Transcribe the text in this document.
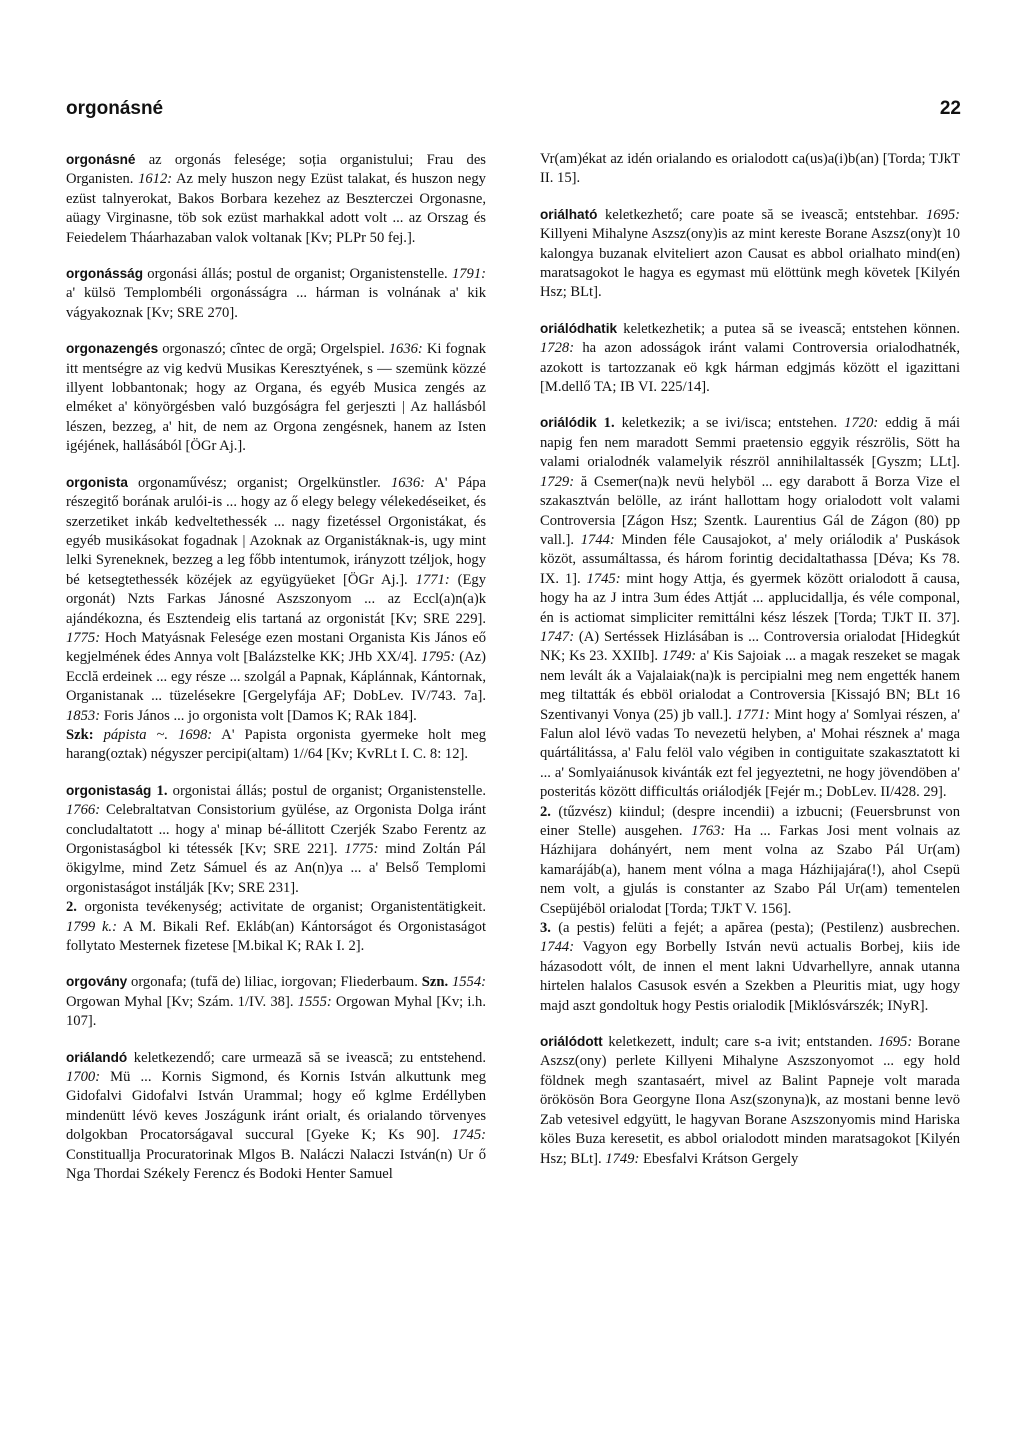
orgonásné	22

orgonásné az orgonás felesége; soția organistului; Frau des Organisten. 1612: Az mely huszon negy Ezüst talakat, és huszon negy ezüst talnyerokat, Bakos Borbara kezehez az Beszterczei Orgonasne, aüagy Virginasne, töb sok ezüst marhakkal adott volt ... az Orszag és Feiedelem Tháarhazaban valok voltanak [Kv; PLPr 50 fej.].

orgonásság orgonási állás; postul de organist; Organistenstelle. 1791: a' külsö Templombéli orgonásságra ... hárman is volnának a' kik vágyakoznak [Kv; SRE 270].

orgonazengés orgonaszó; cîntec de orgă; Orgelspiel. 1636: Ki fognak itt mentségre az vig kedvü Musikas Keresztyének, s — szemünk közzé illyent lobbantonak; hogy az Organa, és egyéb Musica zengés az elméket a' könyörgésben való buzgóságra fel gerjeszti | Az hallásból lészen, bezzeg, a' hit, de nem az Orgona zengésnek, hanem az Isten igéjének, hallásából [ÖGr Aj.].

orgonista orgonaművész; organist; Orgelkünstler. 1636: A' Pápa részegitő borának arulói-is ... hogy az ő elegy belegy vélekedéseiket, és szerzetiket inkáb kedveltethessék ... nagy fizetéssel Orgonistákat, és egyéb musikásokat fogadnak | Azoknak az Organistáknak-is, ugy mint lelki Syreneknek, bezzeg a leg főbb intentumok, irányzott tzéljok, hogy bé ketsegtethessék közéjek az együgyüeket [ÖGr Aj.]. 1771: (Egy orgonát) Nzts Farkas Jánosné Aszszonyom ... az Eccl(a)n(a)k ajándékozna, és Esztendeig elis tartaná az orgonistát [Kv; SRE 229]. 1775: Hoch Matyásnak Felesége ezen mostani Organista Kis János eő kegjelmének édes Annya volt [Balázstelke KK; JHb XX/4]. 1795: (Az) Ecclă erdeinek ... egy része ... szolgál a Papnak, Káplánnak, Kántornak, Organistanak ... tüzelésekre [Gergelyfája AF; DobLev. IV/743. 7a]. 1853: Foris János ... jo orgonista volt [Damos K; RAk 184].

Szk: pápista ~. 1698: A' Papista orgonista gyermeke holt meg harang(oztak) négyszer percipi(altam) 1//64 [Kv; KvRLt I. C. 8: 12].

orgonistaság 1. orgonistai állás; postul de organist; Organistenstelle. 1766: Celebraltatvan Consistorium gyülése, az Orgonista Dolga iránt concludaltatott ... hogy a' minap bé-állitott Czerjék Szabo Ferentz az Orgonistaságbol ki tétessék [Kv; SRE 221]. 1775: mind Zoltán Pál ökigylme, mind Zetz Sámuel és az An(n)ya ... a' Belső Templomi orgonistaságot instálják [Kv; SRE 231].

2. orgonista tevékenység; activitate de organist; Organistentätigkeit. 1799 k.: A M. Bikali Ref. Ekláb(an) Kántorságot és Orgonistaságot follytato Mesternek fizetese [M.bikal K; RAk I. 2].

orgovány orgonafa; (tufă de) liliac, iorgovan; Fliederbaum. Szn. 1554: Orgowan Myhal [Kv; Szám. 1/IV. 38]. 1555: Orgowan Myhal [Kv; i.h. 107].

oriálandó keletkezendő; care urmează să se ivească; zu entstehend. 1700: Mü ... Kornis Sigmond, és Kornis István alkuttunk meg Gidofalvi Gidofalvi István Urammal; hogy eő kglme Erdéllyben mindenütt lévö keves Joszágunk iránt orialt, és orialando törvenyes dolgokban Procatorságaval succural [Gyeke K; Ks 90]. 1745: Constituallja Procuratorinak Mlgos B. Naláczi Nalaczi István(n) Ur ő Nga Thordai Székely Ferencz és Bodoki Henter Samuel

Vr(am)ékat az idén orialando es orialodott ca(us)a(i)b(an) [Torda; TJkT II. 15].

oriálható keletkezhető; care poate să se ivească; entstehbar. 1695: Killyeni Mihalyne Aszsz(ony)is az mint kereste Borane Aszsz(ony)t 10 kalongya buzanak elviteliert azon Causat es abbol orialhato mind(en) maratsagokot le hagya es egymast mü elöttünk megh követek [Kilyén Hsz; BLt].

oriálódhatik keletkezhetik; a putea să se ivească; entstehen können. 1728: ha azon adosságok iránt valami Controversia orialodhatnék, azokott is tartozzanak eö kgk hárman edgjmás között el igazittani [M.dellő TA; IB VI. 225/14].

oriálódik 1. keletkezik; a se ivi/isca; entstehen. 1720: eddig ă mái napig fen nem maradott Semmi praetensio eggyik részrölis, Sött ha valami orialodnék valamelyik részröl annihilaltassék [Gyszm; LLt]. 1729: ă Csemer(na)k nevü helyböl ... egy darabott ă Borza Vize el szakasztván belölle, az iránt hallottam hogy orialodott volt valami Controversia [Zágon Hsz; Szentk. Laurentius Gál de Zágon (80) pp vall.]. 1744: Minden féle Causajokot, a' mely oriálodik a' Puskások közöt, assumáltassa, és három forintig decidaltathassa [Déva; Ks 78. IX. 1]. 1745: mint hogy Attja, és gyermek között orialodott ă causa, hogy ha az J intra 3um édes Attját ... applucidallja, és véle componal, én is actiomat simpliciter remittálni kész lészek [Torda; TJkT II. 37]. 1747: (A) Sertéssek Hizlásában is ... Controversia orialodat [Hidegkút NK; Ks 23. XXIIb]. 1749: a' Kis Sajoiak ... a magak reszeket se magak nem levált ák a Vajalaiak(na)k is percipialni meg nem engették hanem meg tiltatták és ebböl orialodat a Controversia [Kissajó BN; BLt 16 Szentivanyi Vonya (25) jb vall.]. 1771: Mint hogy a' Somlyai részen, a' Falun alol lévö vadas To nevezetü helyben, a' Mohai résznek a' maga quártálitássa, a' Falu felöl valo végiben in contiguitate szakasztatott ki ... a' Somlyaiánusok kivánták ezt fel jegyeztetni, ne hogy jövendöben a' posteritás között difficultás oriálodjék [Fejér m.; DobLev. II/428. 29].

2. (tűzvész) kiindul; (despre incendii) a izbucni; (Feuersbrunst von einer Stelle) ausgehen. 1763: Ha ... Farkas Josi ment volnais az Házhijara dohányért, nem ment volna az Szabo Pál Ur(am) kamarájáb(a), hanem ment vólna a maga Házhijajára(!), ahol Csepü nem volt, a gjulás is constanter az Szabo Pál Ur(am) tementelen Csepüjéböl orialodat [Torda; TJkT V. 156].

3. (a pestis) felüti a fejét; a apărea (pesta); (Pestilenz) ausbrechen. 1744: Vagyon egy Borbelly István nevü actualis Borbej, kiis ide házasodott vólt, de innen el ment lakni Udvarhellyre, annak utanna hirtelen halalos Casusok esvén a Szekben a Pleuritis miat, ugy hogy majd aszt gondoltuk hogy Pestis orialodik [Miklósvárszék; INyR].

oriálódott keletkezett, indult; care s-a ivit; entstanden. 1695: Borane Aszsz(ony) perlete Killyeni Mihalyne Aszszonyomot ... egy hold földnek megh szantasaért, mivel az Balint Papneje volt marada örökösön Bora Georgyne Ilona Asz(szonyna)k, az mostani benne levö Zab vetesivel edgyütt, le hagyvan Borane Aszszonyomis mind Hariska köles Buza keresetit, es abbol orialodott minden maratsagokot [Kilyén Hsz; BLt]. 1749: Ebesfalvi Krátson Gergely
